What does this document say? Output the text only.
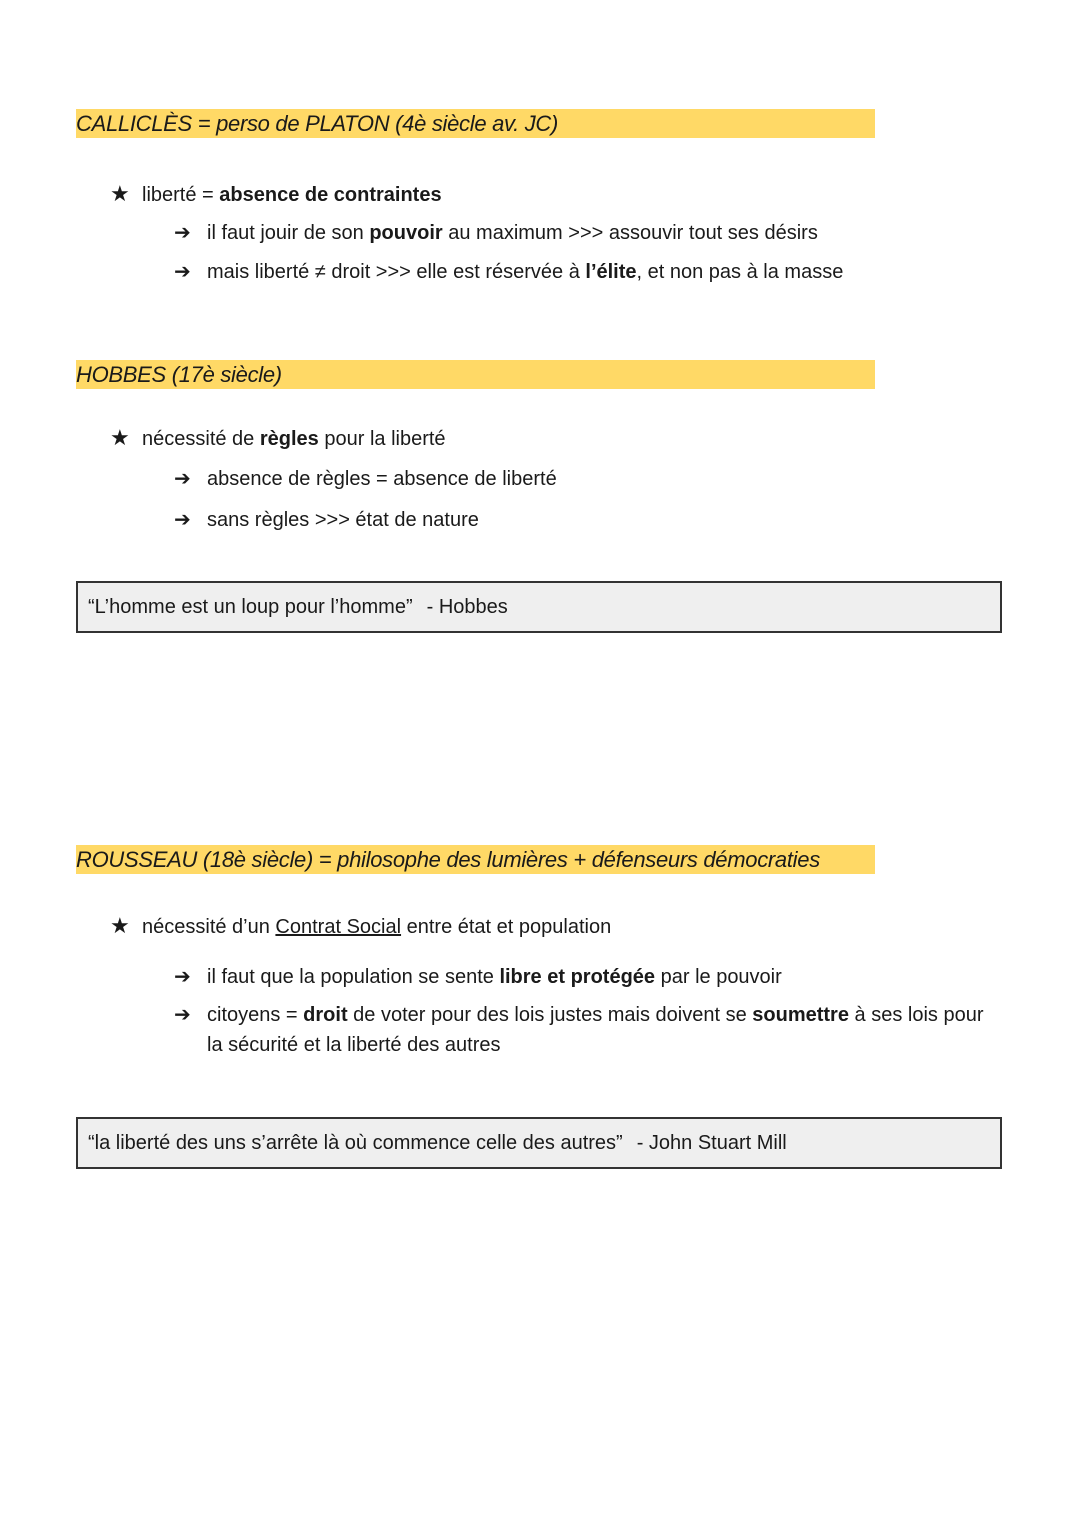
CALLICLÈS = perso de PLATON (4è siècle av. JC)
★ liberté = absence de contraintes
➔ il faut jouir de son pouvoir au maximum >>> assouvir tout ses désirs
➔ mais liberté ≠ droit >>> elle est réservée à l’élite, et non pas à la masse
HOBBES (17è siècle)
★ nécessité de règles pour la liberté
➔ absence de règles = absence de liberté
➔ sans règles >>> état de nature
“L’homme est un loup pour l’homme” - Hobbes
ROUSSEAU (18è siècle) = philosophe des lumières + défenseurs démocraties
★ nécessité d’un Contrat Social entre état et population
➔ il faut que la population se sente libre et protégée par le pouvoir
➔ citoyens = droit de voter pour des lois justes mais doivent se soumettre à ses lois pour la sécurité et la liberté des autres
“la liberté des uns s’arrête là où commence celle des autres” - John Stuart Mill
